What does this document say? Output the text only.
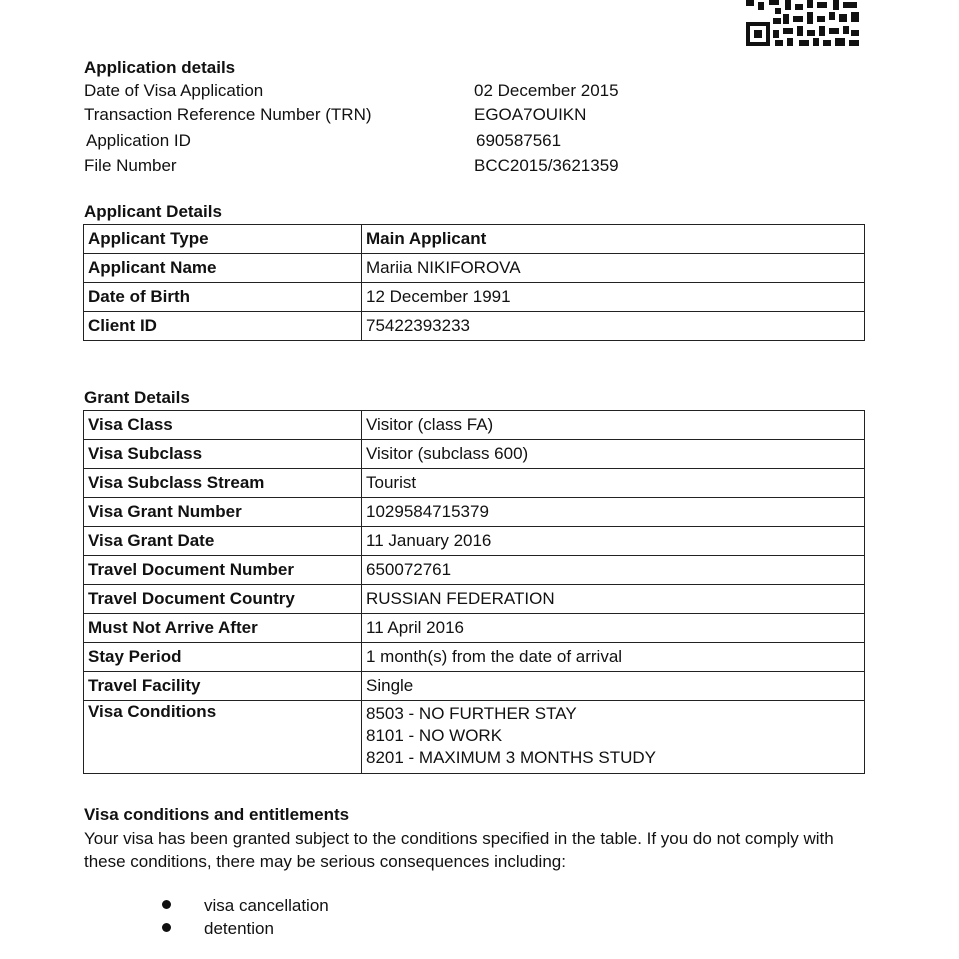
Application details
Date of Visa Application	02 December 2015
Transaction Reference Number (TRN)	EGOA7OUIKN
Application ID	690587561
File Number	BCC2015/3621359
Applicant Details
Applicant Type	Main Applicant
Applicant Name	Mariia NIKIFOROVA
Date of Birth	12 December 1991
Client ID	75422393233
Grant Details
Visa Class	Visitor (class FA)
Visa Subclass	Visitor (subclass 600)
Visa Subclass Stream	Tourist
Visa Grant Number	1029584715379
Visa Grant Date	11 January 2016
Travel Document Number	650072761
Travel Document Country	RUSSIAN FEDERATION
Must Not Arrive After	11 April 2016
Stay Period	1 month(s) from the date of arrival
Travel Facility	Single
Visa Conditions	8503 - NO FURTHER STAY
8101 - NO WORK
8201 - MAXIMUM 3 MONTHS STUDY
Visa conditions and entitlements

Your visa has been granted subject to the conditions specified in the table. If you do not comply with these conditions, there may be serious consequences including:

visa cancellation
detention
